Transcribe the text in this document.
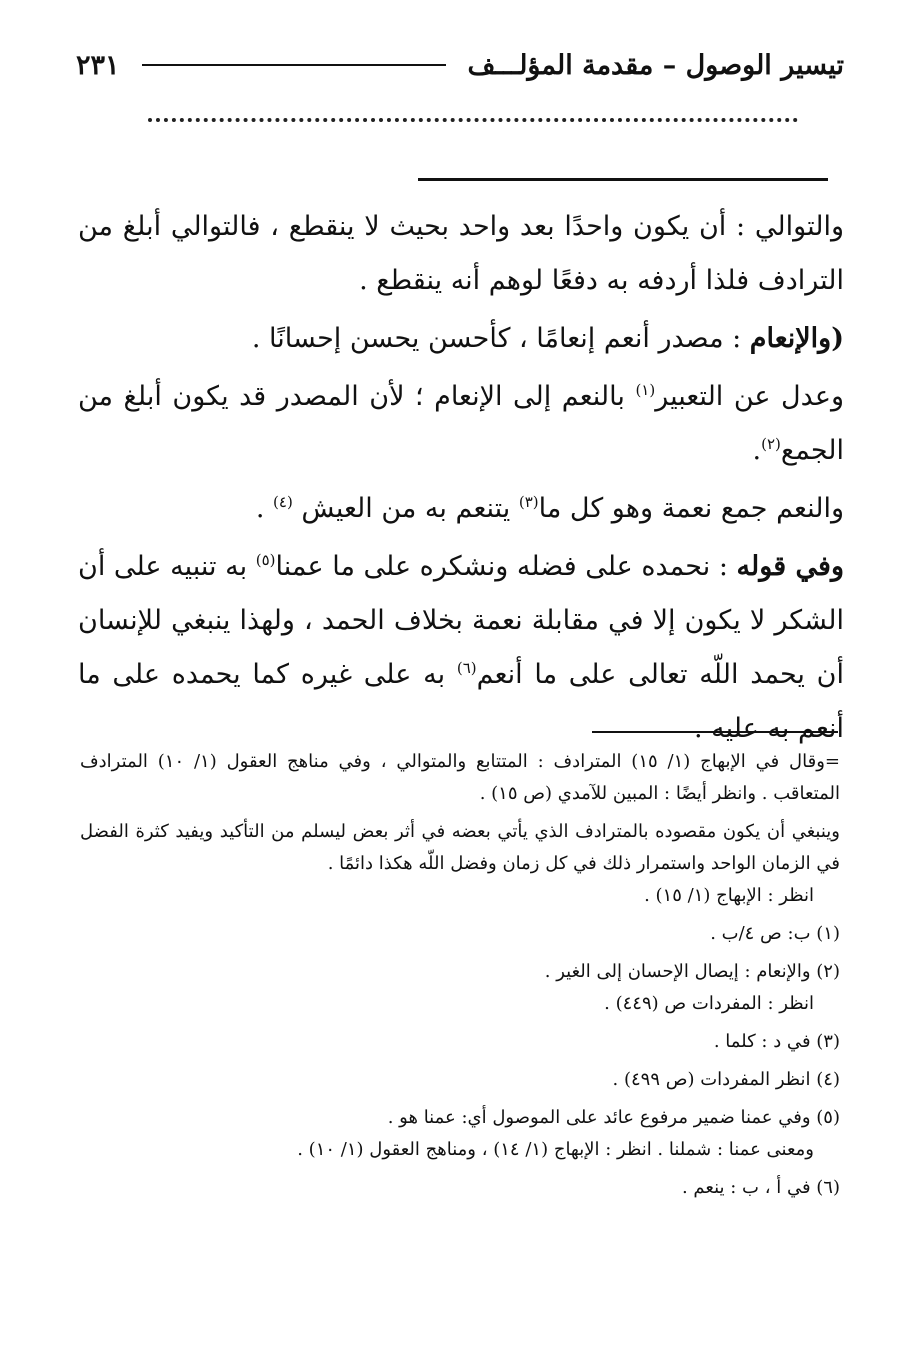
تيسير الوصول – مقدمة المؤلـــف
٢٣١

والتوالي : أن يكون واحدًا بعد واحد بحيث لا ينقطع ، فالتوالي أبلغ من الترادف فلذا أردفه به دفعًا لوهم أنه ينقطع .

(والإنعام : مصدر أنعم إنعامًا ، كأحسن يحسن إحسانًا .

وعدل عن التعبير$^{(١)}$ بالنعم إلى الإنعام ؛ لأن المصدر قد يكون أبلغ من الجمع$^{(٢)}$.

والنعم جمع نعمة وهو كل ما$^{(٣)}$ يتنعم به من العيش $^{(٤)}$ .

وفي قوله : نحمده على فضله ونشكره على ما عمنا$^{(٥)}$ به تنبيه على أن الشكر لا يكون إلا في مقابلة نعمة بخلاف الحمد ، ولهذا ينبغي للإنسان أن يحمد اللّه تعالى على ما أنعم$^{(٦)}$ به على غيره كما يحمده على ما أنعم به عليه .

=وقال في الإبهاج (١/ ١٥) المترادف : المتتابع والمتوالي ، وفي مناهج العقول (١/ ١٠) المترادف المتعاقب . وانظر أيضًا : المبين للآمدي (ص ١٥) .

وينبغي أن يكون مقصوده بالمترادف الذي يأتي بعضه في أثر بعض ليسلم من التأكيد ويفيد كثرة الفضل في الزمان الواحد واستمرار ذلك في كل زمان وفضل اللّه هكذا دائمًا .

انظر : الإبهاج (١/ ١٥) .

(١) ب: ص ٤/ب .

(٢) والإنعام : إيصال الإحسان إلى الغير .

انظر : المفردات ص (٤٤٩) .

(٣) في د : كلما .

(٤) انظر المفردات (ص ٤٩٩) .

(٥) وفي عمنا ضمير مرفوع عائد على الموصول أي: عمنا هو .

ومعنى عمنا : شملنا . انظر : الإبهاج (١/ ١٤) ، ومناهج العقول (١/ ١٠) .

(٦) في أ ، ب : ينعم .
